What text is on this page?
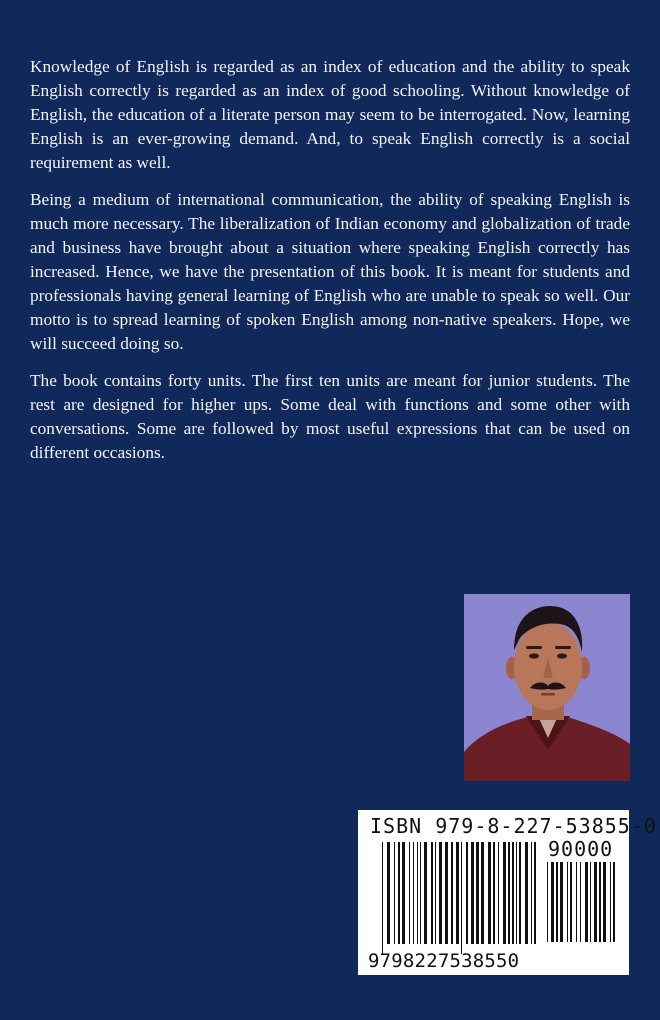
Knowledge of English is regarded as an index of education and the ability to speak English correctly is regarded as an index of good schooling. Without knowledge of English, the education of a literate person may seem to be interrogated. Now, learning English is an ever-growing demand. And, to speak English correctly is a social requirement as well.

Being a medium of international communication, the ability of speaking English is much more necessary. The liberalization of Indian economy and globalization of trade and business have brought about a situation where speaking English correctly has increased. Hence, we have the presentation of this book. It is meant for students and professionals having general learning of English who are unable to speak so well. Our motto is to spread learning of spoken English among non-native speakers. Hope, we will succeed doing so.

The book contains forty units. The first ten units are meant for junior students. The rest are designed for higher ups. Some deal with functions and some other with conversations. Some are followed by most useful expressions that can be used on different occasions.

ISBN 979-8-227-53855-0
90000
9798227538550
